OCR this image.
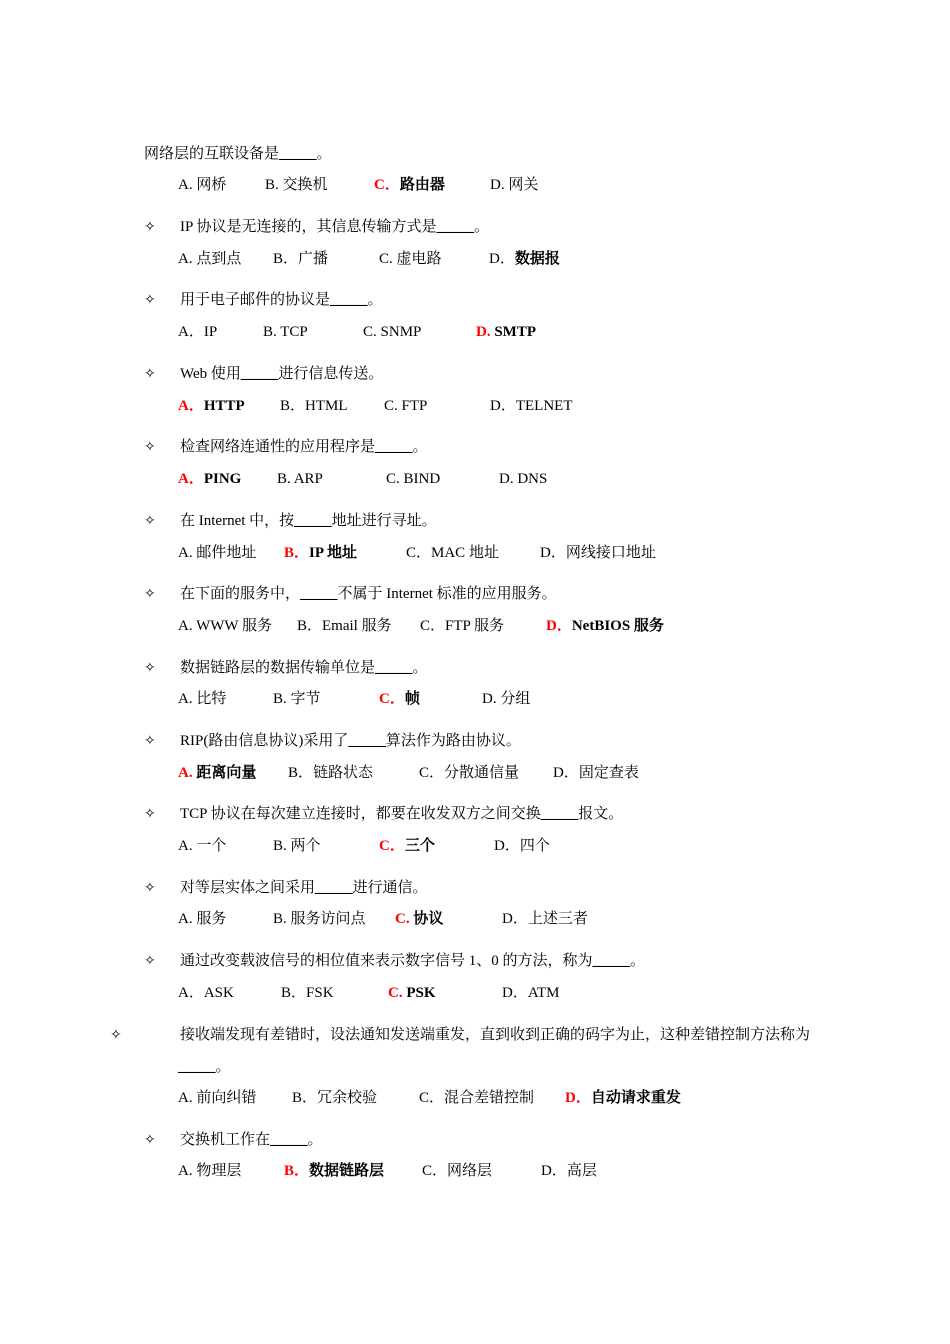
网络层的互联设备是_____。
A. 网桥	B. 交换机	C．路由器	D. 网关
✧ IP 协议是无连接的，其信息传输方式是_____。
A. 点到点 B．广播	C. 虚电路	D．数据报
✧ 用于电子邮件的协议是_____。
A．IP	B. TCP	C. SNMP	D. SMTP
✧ Web 使用_____进行信息传送。
A．HTTP B．HTML C. FTP	D．TELNET
✧ 检查网络连通性的应用程序是_____。
A．PING B. ARP	C. BIND	D. DNS
✧ 在 Internet 中，按_____地址进行寻址。
A. 邮件地址 B．IP 地址	C．MAC 地址	D．网线接口地址
✧ 在下面的服务中，_____不属于 Internet 标准的应用服务。
A. WWW 服务 B．Email 服务 C．FTP 服务	D．NetBIOS 服务
✧ 数据链路层的数据传输单位是_____。
A. 比特	B. 字节	C．帧	D. 分组
✧ RIP(路由信息协议)采用了_____算法作为路由协议。
A. 距离向量 B．链路状态	C．分散通信量 D．固定查表
✧ TCP 协议在每次建立连接时，都要在收发双方之间交换_____报文。
A. 一个	B. 两个	C．三个	D．四个
✧ 对等层实体之间采用_____进行通信。
A. 服务	B. 服务访问点 C. 协议	D．上述三者
✧ 通过改变载波信号的相位值来表示数字信号 1、0 的方法，称为_____。
A．ASK	B．FSK	C. PSK	D．ATM
✧	接收端发现有差错时，设法通知发送端重发，直到收到正确的码字为止，这种差错控制方法称为_____。
A. 前向纠错 B．冗余校验	C．混合差错控制 D．自动请求重发
✧ 交换机工作在_____。
A. 物理层	B．数据链路层	C．网络层	D．高层
